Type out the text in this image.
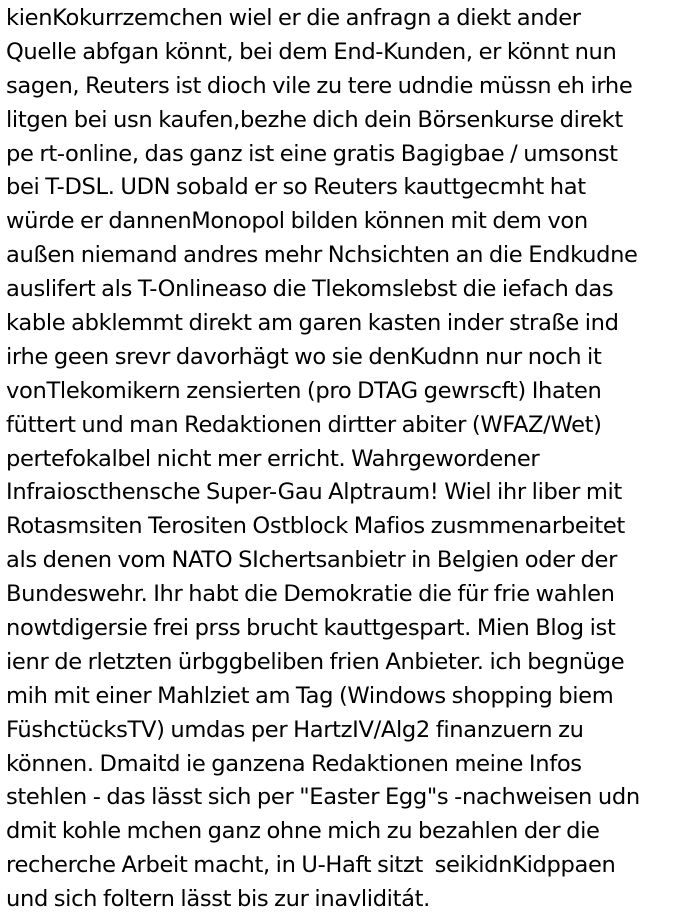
kienKokurrzemchen wiel er die anfragn a diekt ander
Quelle abfgan könnt, bei dem End-Kunden, er könnt nun
sagen, Reuters ist dioch vile zu tere udndie müssn eh irhe
litgen bei usn kaufen,bezhe dich dein Börsenkurse direkt
pe rt-online, das ganz ist eine gratis Bagigbae / umsonst
bei T-DSL. UDN sobald er so Reuters kauttgecmht hat
würde er dannenMonopol bilden können mit dem von
außen niemand andres mehr Nchsichten an die Endkudne
auslifert als T-Onlineaso die Tlekomslebst die iefach das
kable abklemmt direkt am garen kasten inder straße ind
irhe geen srevr davorhägt wo sie denKudnn nur noch it
vonTlekomikern zensierten (pro DTAG gewrscft) Ihaten
füttert und man Redaktionen dirtter abiter (WFAZ/Wet)
pertefokalbel nicht mer erricht. Wahrgewordener
Infraioscthensche Super-Gau Alptraum! Wiel ihr liber mit
Rotasmsiten Terositen Ostblock Mafios zusmmenarbeitet
als denen vom NATO SIchertsanbietr in Belgien oder der
Bundeswehr. Ihr habt die Demokratie die für frie wahlen
nowtdigersie frei prss brucht kauttgespart. Mien Blog ist
ienr de rletzten ürbggbeliben frien Anbieter. ich begnüge
mih mit einer Mahlziet am Tag (Windows shopping biem
FüshctücksTV) umdas per HartzIV/Alg2 finanzuern zu
können. Dmaitd ie ganzena Redaktionen meine Infos
stehlen - das lässt sich per "Easter Egg"s -nachweisen udn
dmit kohle mchen ganz ohne mich zu bezahlen der die
recherche Arbeit macht, in U-Haft sitzt  seikidnKidppaen
und sich foltern lässt bis zur inavliditát.
